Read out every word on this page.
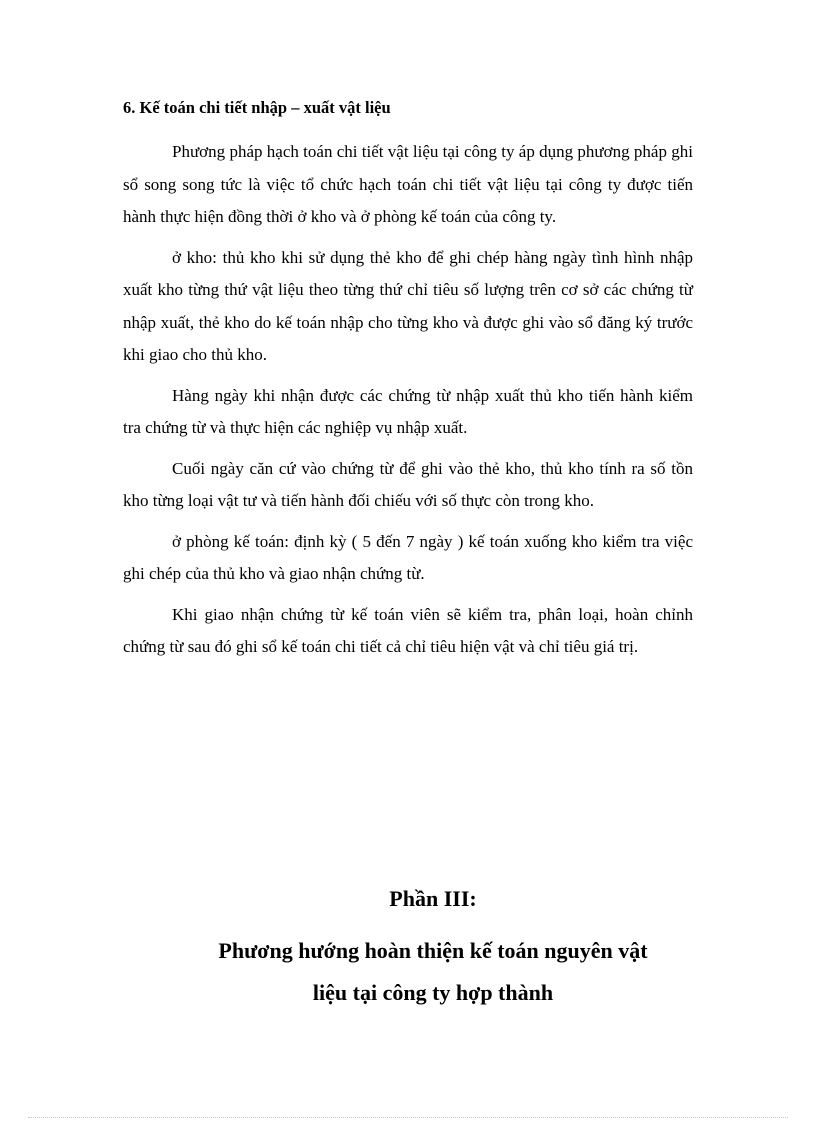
6. Kế toán chi tiết nhập – xuất vật liệu

Phương pháp hạch toán chi tiết vật liệu tại công ty áp dụng phương pháp ghi sổ song song tức là việc tổ chức hạch toán chi tiết vật liệu tại công ty được tiến hành thực hiện đồng thời ở kho và ở phòng kế toán của công ty.

ở kho: thủ kho khi sử dụng thẻ kho để ghi chép hàng ngày tình hình nhập xuất kho từng thứ vật liệu theo từng thứ chỉ tiêu số lượng trên cơ sở các chứng từ nhập xuất, thẻ kho do kế toán nhập cho từng kho và được ghi vào sổ đăng ký trước khi giao cho thủ kho.

Hàng ngày khi nhận được các chứng từ nhập xuất thủ kho tiến hành kiểm tra chứng từ và thực hiện các nghiệp vụ nhập xuất.

Cuối ngày căn cứ vào chứng từ để ghi vào thẻ kho, thủ kho tính ra số tồn kho từng loại vật tư và tiến hành đối chiếu với số thực còn trong kho.

ở phòng kế toán: định kỳ ( 5 đến 7 ngày ) kế toán xuống kho kiểm tra việc ghi chép của thủ kho và giao nhận chứng từ.

Khi giao nhận chứng từ kế toán viên sẽ kiểm tra, phân loại, hoàn chỉnh chứng từ sau đó ghi sổ kế toán chi tiết cả chỉ tiêu hiện vật và chỉ tiêu giá trị.

Phần III:
Phương hướng hoàn thiện kế toán nguyên vật
liệu tại công ty hợp thành
